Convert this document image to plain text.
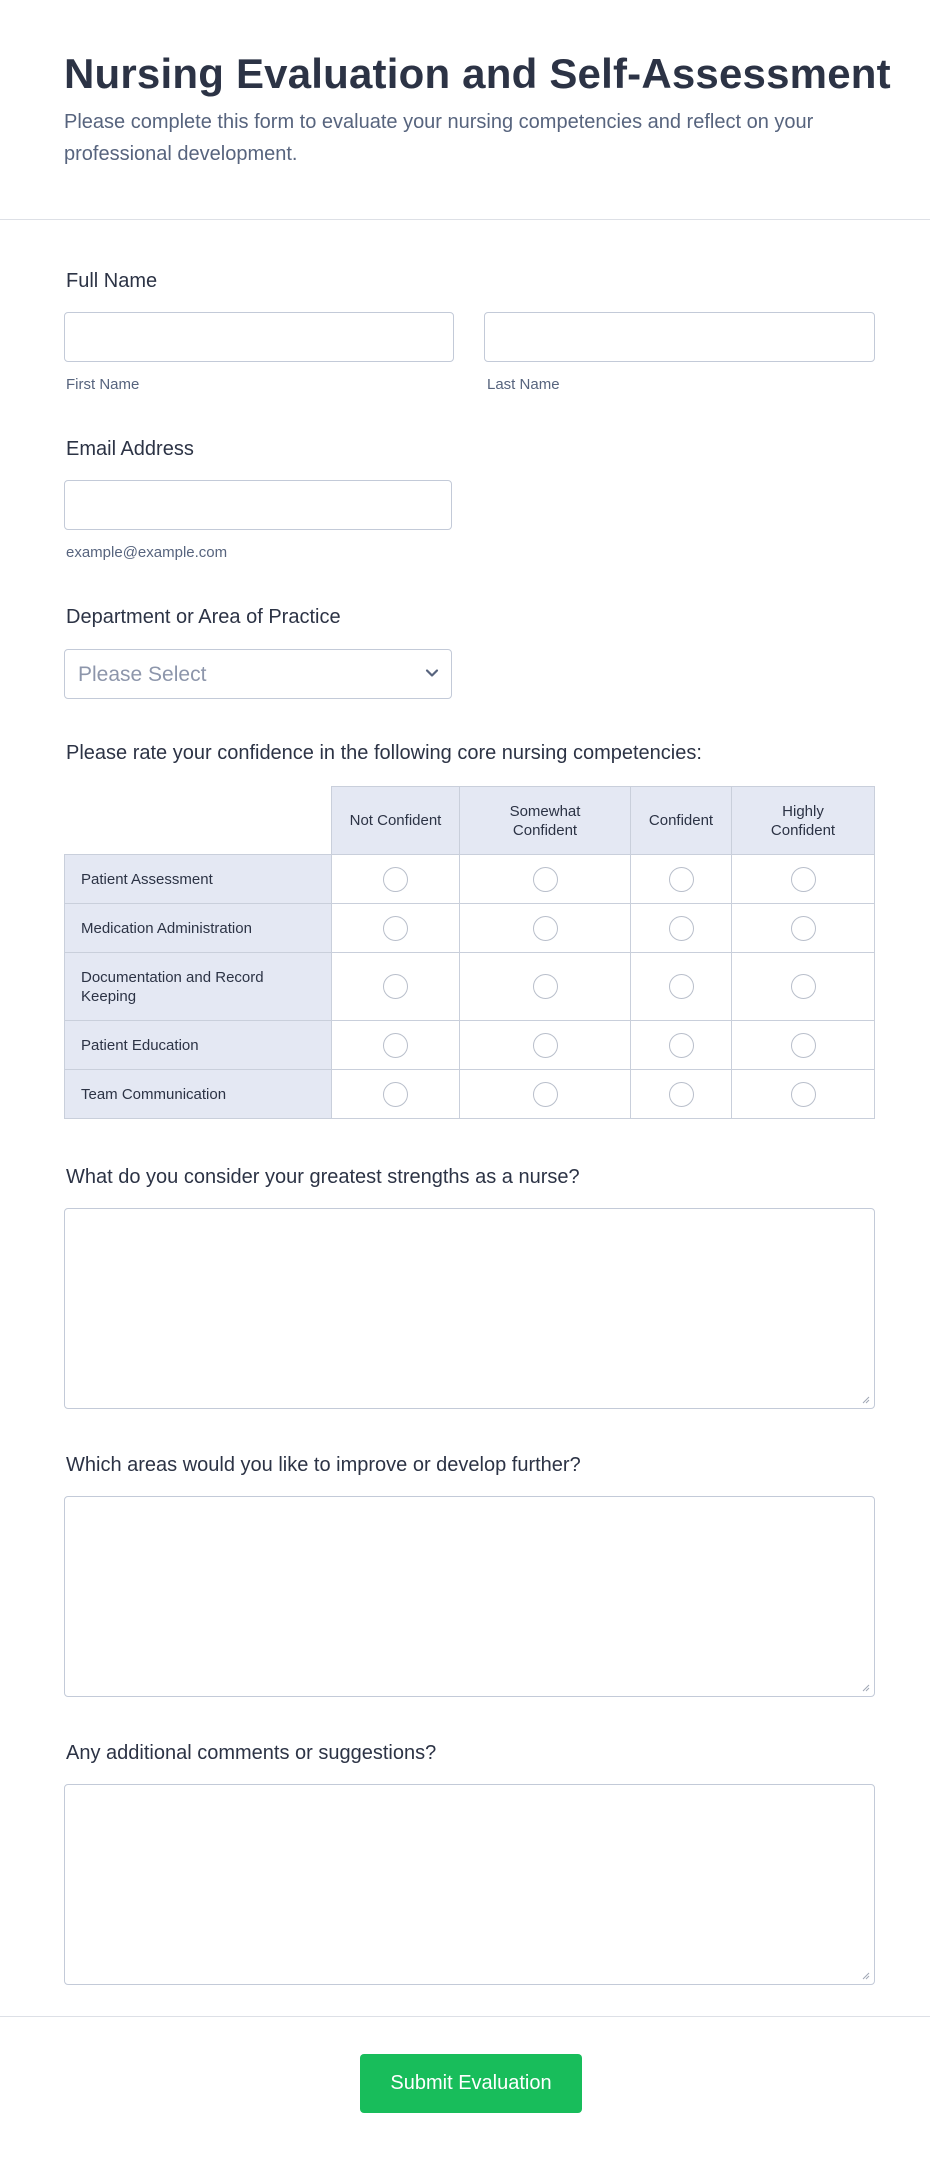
Nursing Evaluation and Self-Assessment
Please complete this form to evaluate your nursing competencies and reflect on your professional development.
Full Name
First Name	Last Name
Email Address
example@example.com
Department or Area of Practice
Please Select
Please rate your confidence in the following core nursing competencies:
Not Confident
Somewhat Confident
Confident
Highly Confident
Patient Assessment
Medication Administration
Documentation and Record Keeping
Patient Education
Team Communication
What do you consider your greatest strengths as a nurse?
Which areas would you like to improve or develop further?
Any additional comments or suggestions?
Submit Evaluation
